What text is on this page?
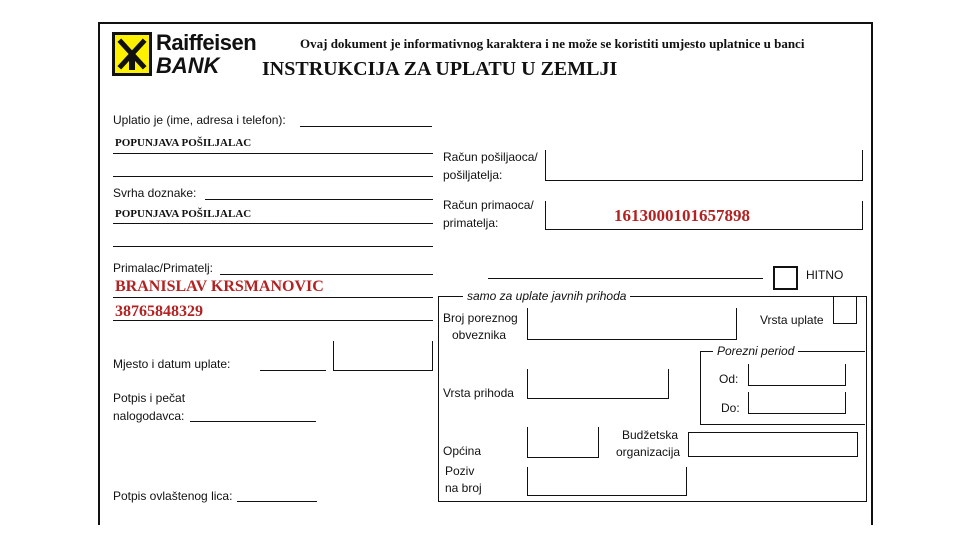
Raiffeisen
BANK
Ovaj dokument je informativnog karaktera i ne može se koristiti umjesto uplatnice u banci
INSTRUKCIJA ZA UPLATU U ZEMLJI
Uplatio je (ime, adresa i telefon):
POPUNJAVA POŠILJALAC
Svrha doznake:
POPUNJAVA POŠILJALAC
Primalac/Primatelj:
BRANISLAV KRSMANOVIC
38765848329
Mjesto i datum uplate:
Potpis i pečat
nalogodavca:
Potpis ovlaštenog lica:
Račun pošiljaoca/
pošiljatelja:
Račun primaoca/
primatelja:	1613000101657898
HITNO
samo za uplate javnih prihoda
Broj poreznog
obveznika
Vrsta uplate
Porezni period
Od:
Do:
Vrsta prihoda
Općina
Budžetska
organizacija
Poziv
na broj
